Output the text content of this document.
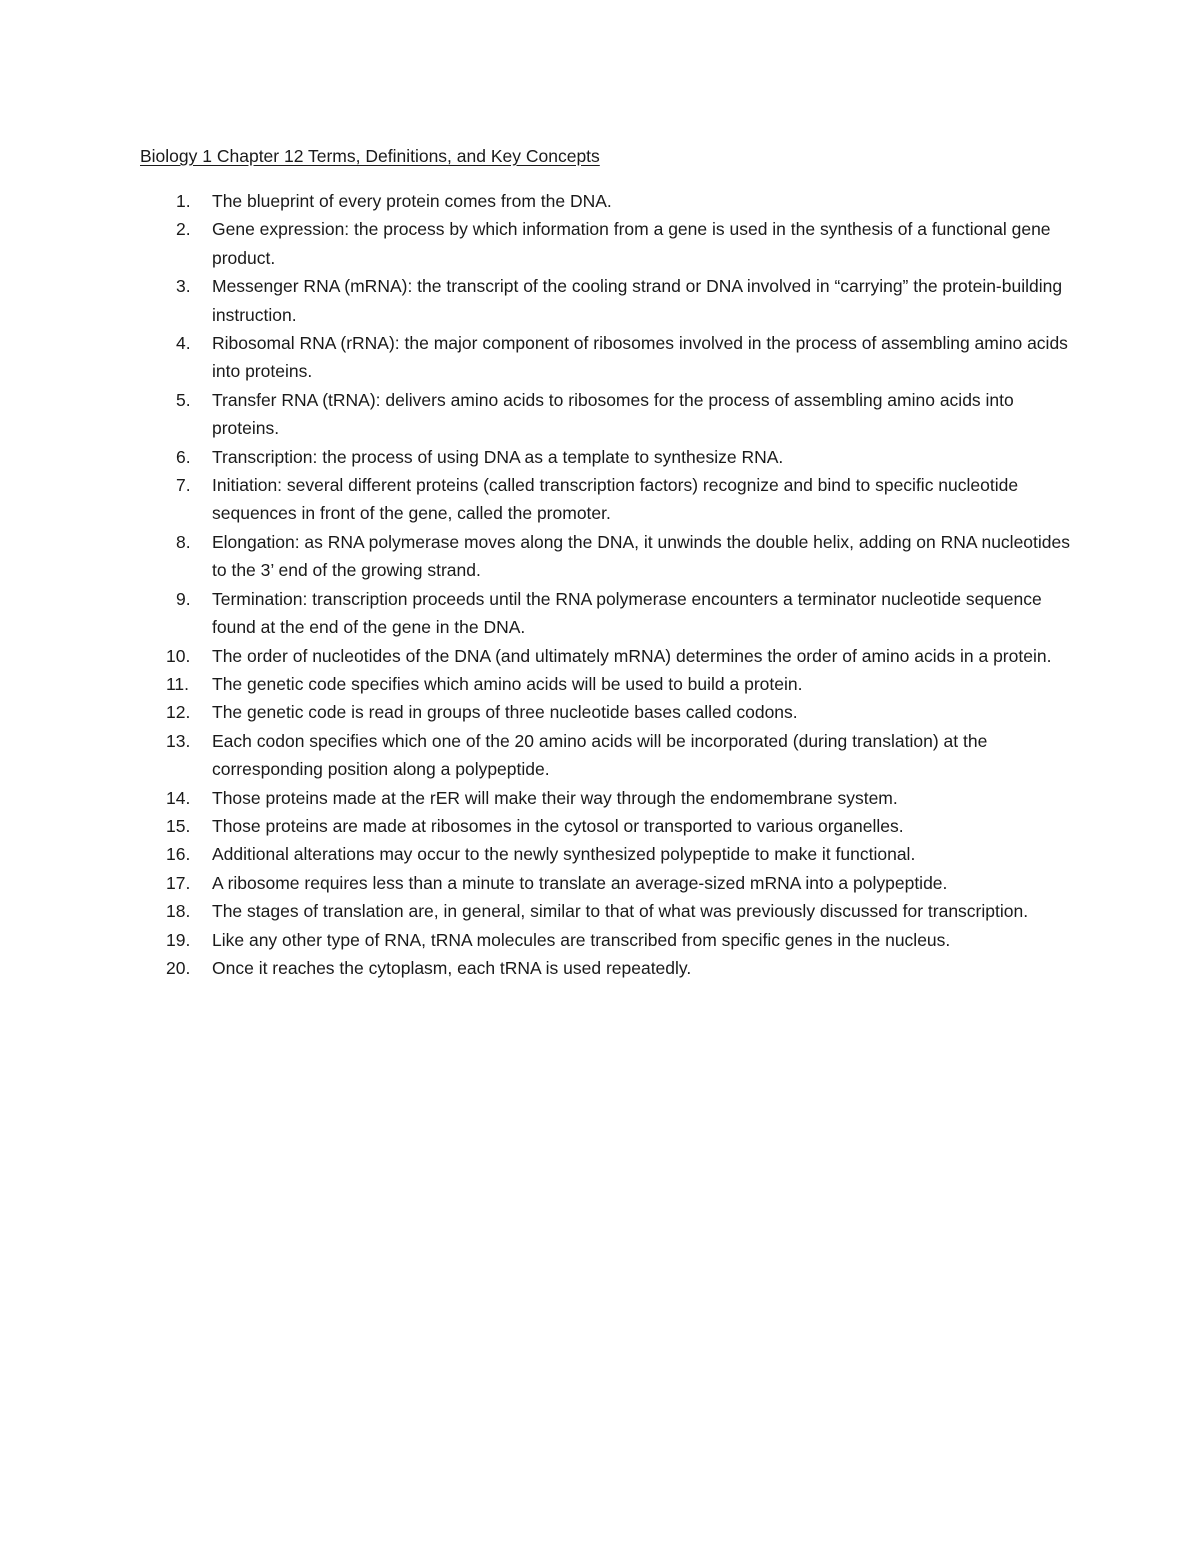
Biology 1 Chapter 12 Terms, Definitions, and Key Concepts
1.	The blueprint of every protein comes from the DNA.
2.	Gene expression: the process by which information from a gene is used in the synthesis of a functional gene product.
3.	Messenger RNA (mRNA): the transcript of the cooling strand or DNA involved in “carrying” the protein-building instruction.
4.	Ribosomal RNA (rRNA): the major component of ribosomes involved in the process of assembling amino acids into proteins.
5.	Transfer RNA (tRNA): delivers amino acids to ribosomes for the process of assembling amino acids into proteins.
6.	Transcription: the process of using DNA as a template to synthesize RNA.
7.	Initiation: several different proteins (called transcription factors) recognize and bind to specific nucleotide sequences in front of the gene, called the promoter.
8.	Elongation: as RNA polymerase moves along the DNA, it unwinds the double helix, adding on RNA nucleotides to the 3’ end of the growing strand.
9.	Termination: transcription proceeds until the RNA polymerase encounters a terminator nucleotide sequence found at the end of the gene in the DNA.
10.	The order of nucleotides of the DNA (and ultimately mRNA) determines the order of amino acids in a protein.
11.	The genetic code specifies which amino acids will be used to build a protein.
12.	The genetic code is read in groups of three nucleotide bases called codons.
13.	Each codon specifies which one of the 20 amino acids will be incorporated (during translation) at the corresponding position along a polypeptide.
14.	Those proteins made at the rER will make their way through the endomembrane system.
15.	Those proteins are made at ribosomes in the cytosol or transported to various organelles.
16.	Additional alterations may occur to the newly synthesized polypeptide to make it functional.
17.	A ribosome requires less than a minute to translate an average-sized mRNA into a polypeptide.
18.	The stages of translation are, in general, similar to that of what was previously discussed for transcription.
19.	Like any other type of RNA, tRNA molecules are transcribed from specific genes in the nucleus.
20.	Once it reaches the cytoplasm, each tRNA is used repeatedly.
